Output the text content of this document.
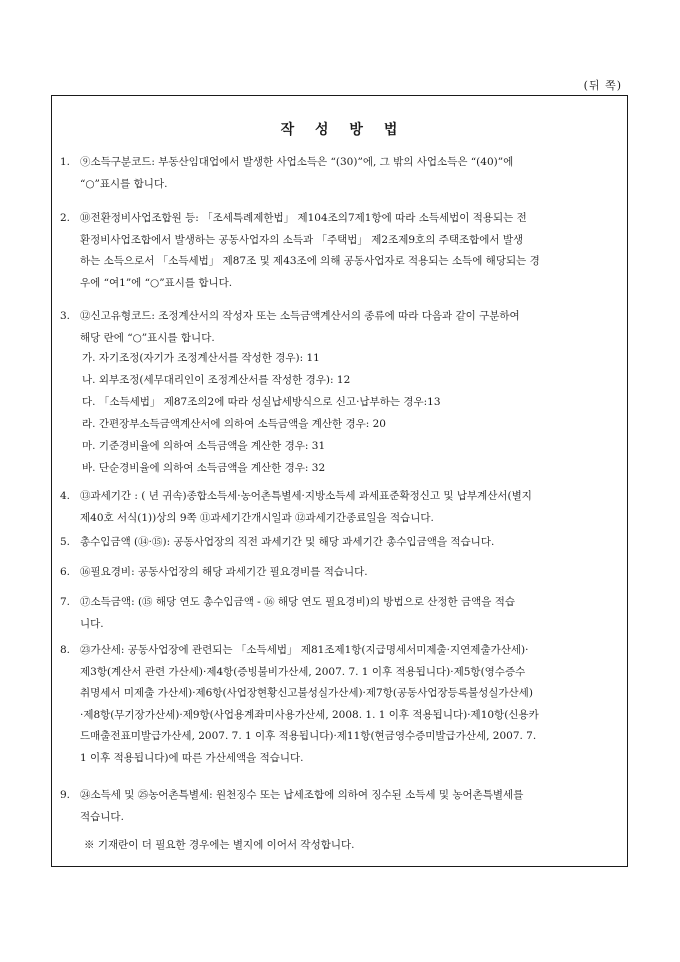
(뒤 쪽)
작 성 방 법
1. ⑨소득구분코드: 부동산임대업에서 발생한 사업소득은 “(30)”에, 그 밖의 사업소득은 “(40)”에
“○”표시를 합니다.
2. ⑩전환정비사업조합원 등: 「조세특례제한법」 제104조의7제1항에 따라 소득세법이 적용되는 전
환정비사업조합에서 발생하는 공동사업자의 소득과 「주택법」 제2조제9호의 주택조합에서 발생
하는 소득으로서 「소득세법」 제87조 및 제43조에 의해 공동사업자로 적용되는 소득에 해당되는 경
우에 “여1”에 “○”표시를 합니다.
3. ⑫신고유형코드: 조정계산서의 작성자 또는 소득금액계산서의 종류에 따라 다음과 같이 구분하여
해당 란에 “○”표시를 합니다.
가. 자기조정(자기가 조정계산서를 작성한 경우): 11
나. 외부조정(세무대리인이 조정계산서를 작성한 경우): 12
다. 「소득세법」 제87조의2에 따라 성실납세방식으로 신고·납부하는 경우:13
라. 간편장부소득금액계산서에 의하여 소득금액을 계산한 경우: 20
마. 기준경비율에 의하여 소득금액을 계산한 경우: 31
바. 단순경비율에 의하여 소득금액을 계산한 경우: 32
4. ⑬과세기간 : ( 년 귀속)종합소득세·농어촌특별세·지방소득세 과세표준확정신고 및 납부계산서(별지
제40호 서식(1))상의 9쪽 ⑪과세기간개시일과 ⑫과세기간종료일을 적습니다.
5. 총수입금액 (⑭·⑮): 공동사업장의 직전 과세기간 및 해당 과세기간 총수입금액을 적습니다.
6. ⑯필요경비: 공동사업장의 해당 과세기간 필요경비를 적습니다.
7. ⑰소득금액: (⑮ 해당 연도 총수입금액 - ⑯ 해당 연도 필요경비)의 방법으로 산정한 금액을 적습
니다.
8. ㉓가산세: 공동사업장에 관련되는 「소득세법」 제81조제1항(지급명세서미제출·지연제출가산세)·
제3항(계산서 관련 가산세)·제4항(증빙불비가산세, 2007. 7. 1 이후 적용됩니다)·제5항(영수증수
취명세서 미제출 가산세)·제6항(사업장현황신고불성실가산세)·제7항(공동사업장등록불성실가산세)
·제8항(무기장가산세)·제9항(사업용계좌미사용가산세, 2008. 1. 1 이후 적용됩니다)·제10항(신용카
드매출전표미발급가산세, 2007. 7. 1 이후 적용됩니다)·제11항(현금영수증미발급가산세, 2007. 7.
1 이후 적용됩니다)에 따른 가산세액을 적습니다.
9. ㉔소득세 및 ㉕농어촌특별세: 원천징수 또는 납세조합에 의하여 징수된 소득세 및 농어촌특별세를
적습니다.
※ 기재란이 더 필요한 경우에는 별지에 이어서 작성합니다.
